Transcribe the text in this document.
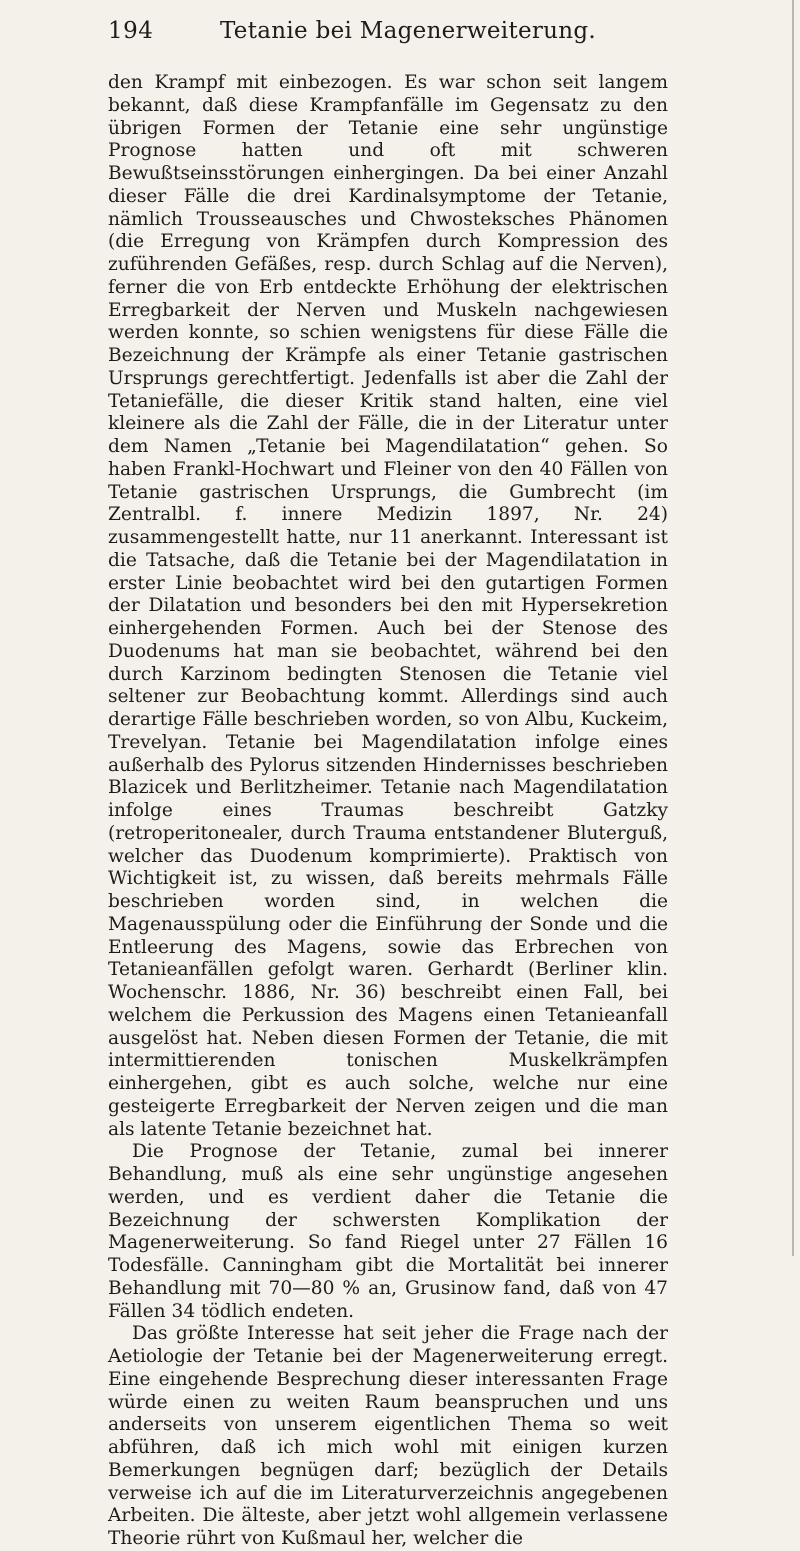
194	Tetanie bei Magenerweiterung.

den Krampf mit einbezogen. Es war schon seit langem bekannt, daß diese Krampfanfälle im Gegensatz zu den übrigen Formen der Tetanie eine sehr ungünstige Prognose hatten und oft mit schweren Bewußtseinsstörungen einhergingen. Da bei einer Anzahl dieser Fälle die drei Kardinalsymptome der Tetanie, nämlich Trousseausches und Chwosteksches Phänomen (die Erregung von Krämpfen durch Kompression des zuführenden Gefäßes, resp. durch Schlag auf die Nerven), ferner die von Erb entdeckte Erhöhung der elektrischen Erregbarkeit der Nerven und Muskeln nachgewiesen werden konnte, so schien wenigstens für diese Fälle die Bezeichnung der Krämpfe als einer Tetanie gastrischen Ursprungs gerechtfertigt. Jedenfalls ist aber die Zahl der Tetaniefälle, die dieser Kritik stand halten, eine viel kleinere als die Zahl der Fälle, die in der Literatur unter dem Namen „Tetanie bei Magendilatation“ gehen. So haben Frankl-Hochwart und Fleiner von den 40 Fällen von Tetanie gastrischen Ursprungs, die Gumbrecht (im Zentralbl. f. innere Medizin 1897, Nr. 24) zusammengestellt hatte, nur 11 anerkannt. Interessant ist die Tatsache, daß die Tetanie bei der Magendilatation in erster Linie beobachtet wird bei den gutartigen Formen der Dilatation und besonders bei den mit Hypersekretion einhergehenden Formen. Auch bei der Stenose des Duodenums hat man sie beobachtet, während bei den durch Karzinom bedingten Stenosen die Tetanie viel seltener zur Beobachtung kommt. Allerdings sind auch derartige Fälle beschrieben worden, so von Albu, Kuckeim, Trevelyan. Tetanie bei Magendilatation infolge eines außerhalb des Pylorus sitzenden Hindernisses beschrieben Blazicek und Berlitzheimer. Tetanie nach Magendilatation infolge eines Traumas beschreibt Gatzky (retroperitonealer, durch Trauma entstandener Bluterguß, welcher das Duodenum komprimierte). Praktisch von Wichtigkeit ist, zu wissen, daß bereits mehrmals Fälle beschrieben worden sind, in welchen die Magenausspülung oder die Einführung der Sonde und die Entleerung des Magens, sowie das Erbrechen von Tetanieanfällen gefolgt waren. Gerhardt (Berliner klin. Wochenschr. 1886, Nr. 36) beschreibt einen Fall, bei welchem die Perkussion des Magens einen Tetanieanfall ausgelöst hat. Neben diesen Formen der Tetanie, die mit intermittierenden tonischen Muskelkrämpfen einhergehen, gibt es auch solche, welche nur eine gesteigerte Erregbarkeit der Nerven zeigen und die man als latente Tetanie bezeichnet hat.

Die Prognose der Tetanie, zumal bei innerer Behandlung, muß als eine sehr ungünstige angesehen werden, und es verdient daher die Tetanie die Bezeichnung der schwersten Komplikation der Magenerweiterung. So fand Riegel unter 27 Fällen 16 Todesfälle. Canningham gibt die Mortalität bei innerer Behandlung mit 70—80 % an, Grusinow fand, daß von 47 Fällen 34 tödlich endeten.

Das größte Interesse hat seit jeher die Frage nach der Aetiologie der Tetanie bei der Magenerweiterung erregt. Eine eingehende Besprechung dieser interessanten Frage würde einen zu weiten Raum beanspruchen und uns anderseits von unserem eigentlichen Thema so weit abführen, daß ich mich wohl mit einigen kurzen Bemerkungen begnügen darf; bezüglich der Details verweise ich auf die im Literaturverzeichnis angegebenen Arbeiten. Die älteste, aber jetzt wohl allgemein verlassene Theorie rührt von Kußmaul her, welcher die
